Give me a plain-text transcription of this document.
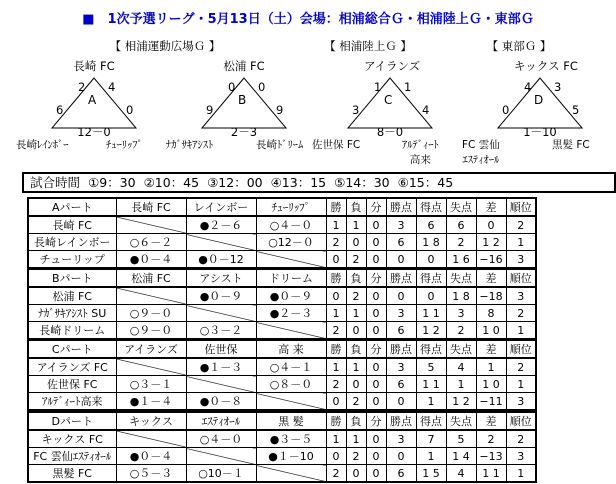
■　1次予選リーグ・5月13日（土）会場：相浦総合Ｇ・相浦陸上Ｇ・東部Ｇ
【 相浦運動広場Ｇ 】	【 相浦陸上Ｇ 】	【 東部Ｇ 】
長崎 FC
A
6
2 4
0
12－0
長崎ﾚｲﾝﾎﾞｰ	ﾁｭｰﾘｯﾌﾟ
松浦 FC
B
9
0 0
9
2－3
ﾅｶﾞｻｷｱｼｽﾄ	長崎ﾄﾞﾘｰﾑ
アイランズ
C
3
1 1
4
8－0
佐世保 FC	ｱﾙﾃﾞｨｰﾄ
高来
キックス FC
D
0
4 3
5
1－10
FC 雲仙
ｴｽﾃｨｵｰﾙ
黒髪 FC
試合時間 ①9：30 ②10：45 ③12：00 ④13：15 ⑤14：30 ⑥15：45
Aパート	長崎 FC	レインボー	ﾁｭｰﾘｯﾌﾟ	勝	負	分	勝点	得点	失点	差	順位
長崎 FC		●２－６	○４－０	1	1	0	3	6	6	0	2
長崎レインボー	○６－２		○12－０	2	0	0	6	1 8	2	1 2	1
チューリップ	●０－４	●０－12		0	2	0	0	0	1 6	−16	3
Bパート	松浦 FC	アシスト	ドリーム	勝	負	分	勝点	得点	失点	差	順位
松浦 FC		●０－９	●０－９	0	2	0	0	0	1 8	−18	3
ﾅｶﾞｻｷｱｼｽﾄ SU	○９－０		●２－３	1	1	0	3	1 1	3	8	2
長崎ドリーム	○９－０	○３－２		2	0	0	6	1 2	2	1 0	1
Cパート	アイランズ	佐世保	高 来	勝	負	分	勝点	得点	失点	差	順位
アイランズ FC		●１－３	○４－１	1	1	0	3	5	4	1	2
佐世保 FC	○３－１		○８－０	2	0	0	6	1 1	1	1 0	1
ｱﾙﾃﾞｨｰﾄ高来	●１－４	●０－８		0	2	0	0	1	1 2	−11	3
Dパート	キックス	ｴｽﾃｨｵｰﾙ	黒 髪	勝	負	分	勝点	得点	失点	差	順位
キックス FC		○４－０	●３－５	1	1	0	3	7	5	2	2
FC 雲仙ｴｽﾃｨｵｰﾙ	●０－４		●１－10	0	2	0	0	1	1 4	−13	3
黒髪 FC	○５－３	○10－１		2	0	0	6	1 5	4	1 1	1
